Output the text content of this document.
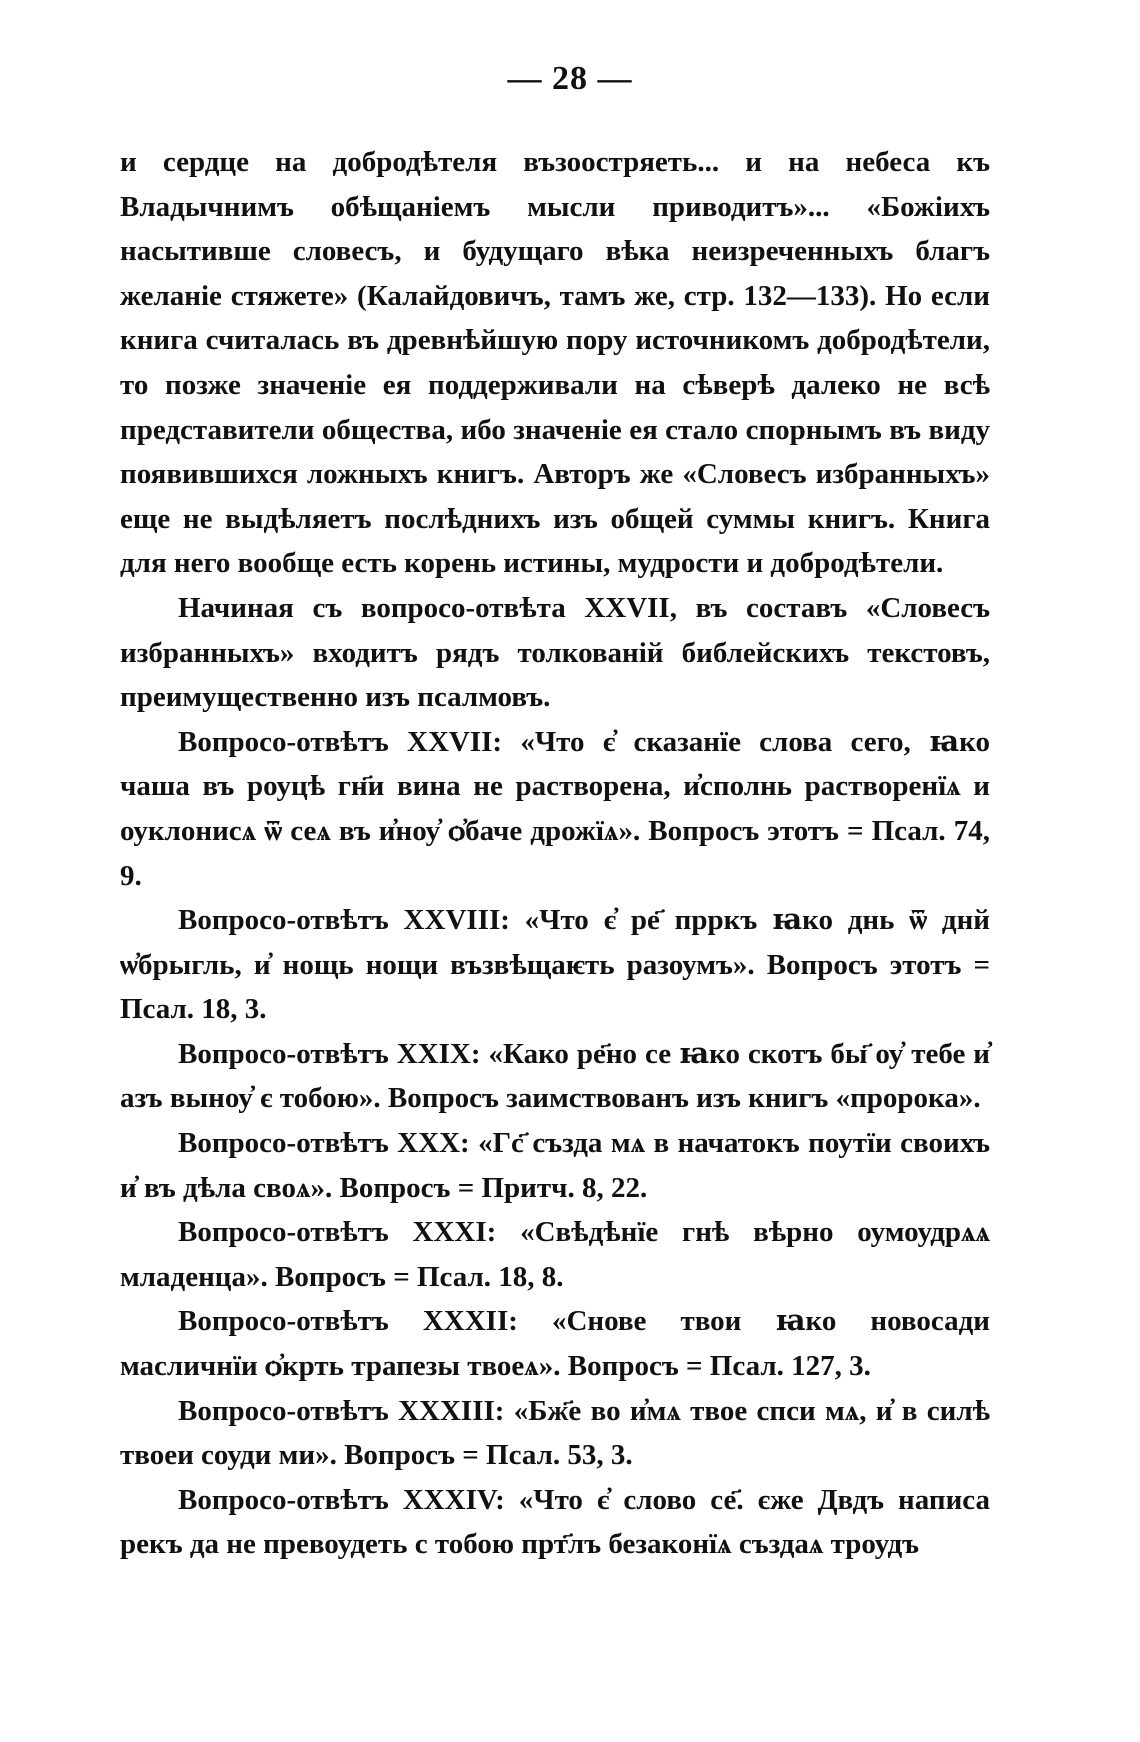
— 28 —

и сердце на добродѣтеля възоостряеть... и на небеса къ Владычнимъ обѣщаніемъ мысли приводитъ»... «Божіихъ насытивше словесъ, и будущаго вѣка неизреченныхъ благъ желаніе стяжете» (Калайдовичъ, тамъ же, стр. 132—133). Но если книга считалась въ древнѣйшую пору источникомъ добродѣтели, то позже значеніе ея поддерживали на сѣверѣ далеко не всѣ представители общества, ибо значеніе ея стало спорнымъ въ виду появившихся ложныхъ книгъ. Авторъ же «Словесъ избранныхъ» еще не выдѣляетъ послѣднихъ изъ общей суммы книгъ. Книга для него вообще есть корень истины, мудрости и добродѣтели.

Начиная съ вопросо-отвѣта XXVII, въ составъ «Словесъ избранныхъ» входитъ рядъ толкованій библейскихъ текстовъ, преимущественно изъ псалмовъ.

Вопросо-отвѣтъ XXVII: «Что є҆ сказанїе слова сего, ꙗко чаша въ роуцѣ гн҃и вина не растворена, и҆сполнь растворенїѧ и оуклонисѧ ѿ сеѧ въ и҆ноу҆ ѻ҆баче дрожїѧ». Вопросъ этотъ = Псал. 74, 9.

Вопросо-отвѣтъ XXVIII: «Что є҆ ре҃ прркъ ꙗко днь ѿ днй ѡ҆брыгль, и҆ нощь нощи възвѣщаѥть разоумъ». Вопросъ этотъ = Псал. 18, 3.

Вопросо-отвѣтъ XXIX: «Како ре҃но се ꙗко скотъ бы҃ оу҆ тебе и҆ азъ выноу҆ є тобою». Вопросъ заимствованъ изъ книгъ «пророка».

Вопросо-отвѣтъ XXX: «Гс҃ създа мѧ в начатокъ поутїи своихъ и҆ въ дѣла своѧ». Вопросъ = Притч. 8, 22.

Вопросо-отвѣтъ XXXI: «Свѣдѣнїе гнѣ вѣрно оумоудрѧѧ младенца». Вопросъ = Псал. 18, 8.

Вопросо-отвѣтъ XXXII: «Снове твои ꙗко новосади масличнїи ѻ҆крть трапезы твоеѧ». Вопросъ = Псал. 127, 3.

Вопросо-отвѣтъ XXXIII: «Бж҃е во и҆мѧ твое спси мѧ, и҆ в силѣ твоеи соуди ми». Вопросъ = Псал. 53, 3.

Вопросо-отвѣтъ XXXIV: «Что є҆ слово се҃. єже Двдъ написа рекъ да не превоудеть с тобою прт҃лъ безаконїѧ създаѧ троудъ
